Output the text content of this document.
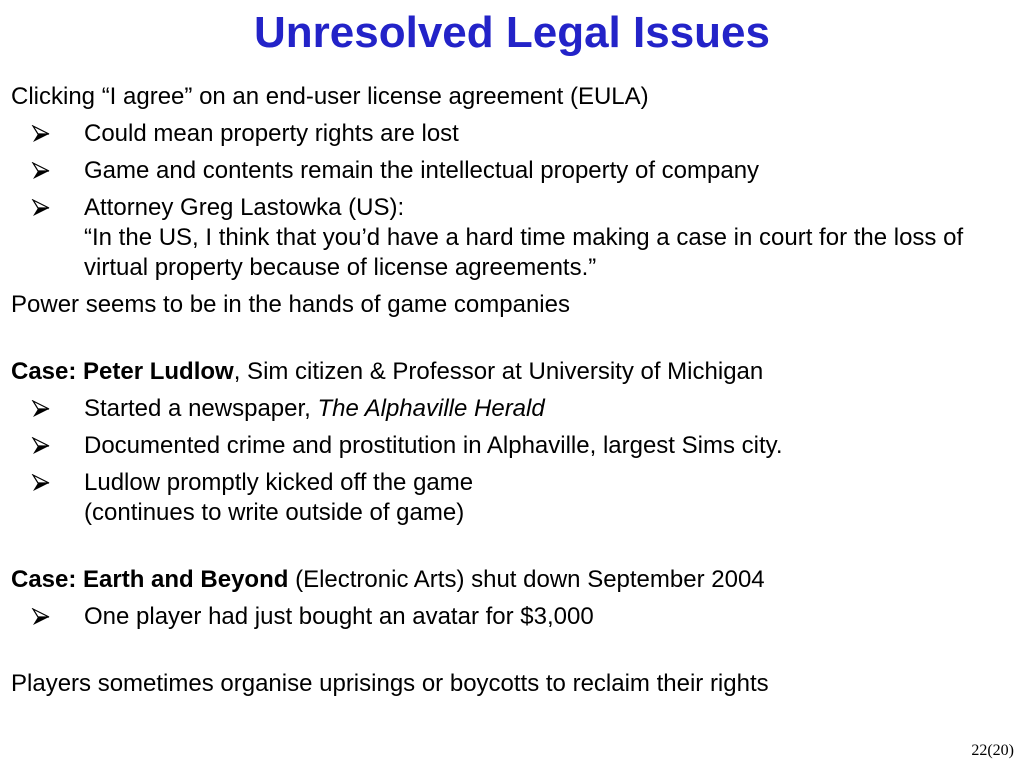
Unresolved Legal Issues
Clicking “I agree” on an end-user license agreement (EULA)
Could mean property rights are lost
Game and contents remain the intellectual property of company
Attorney Greg Lastowka (US):
“In the US, I think that you’d have a hard time making a case in court for the loss of virtual property because of license agreements.”
Power seems to be in the hands of game companies
Case: Peter Ludlow, Sim citizen & Professor at University of Michigan
Started a newspaper, The Alphaville Herald
Documented crime and prostitution in Alphaville, largest Sims city.
Ludlow promptly kicked off the game
(continues to write outside of game)
Case: Earth and Beyond (Electronic Arts) shut down September 2004
One player had just bought an avatar for $3,000
Players sometimes organise uprisings or boycotts to reclaim their rights
22(20)
